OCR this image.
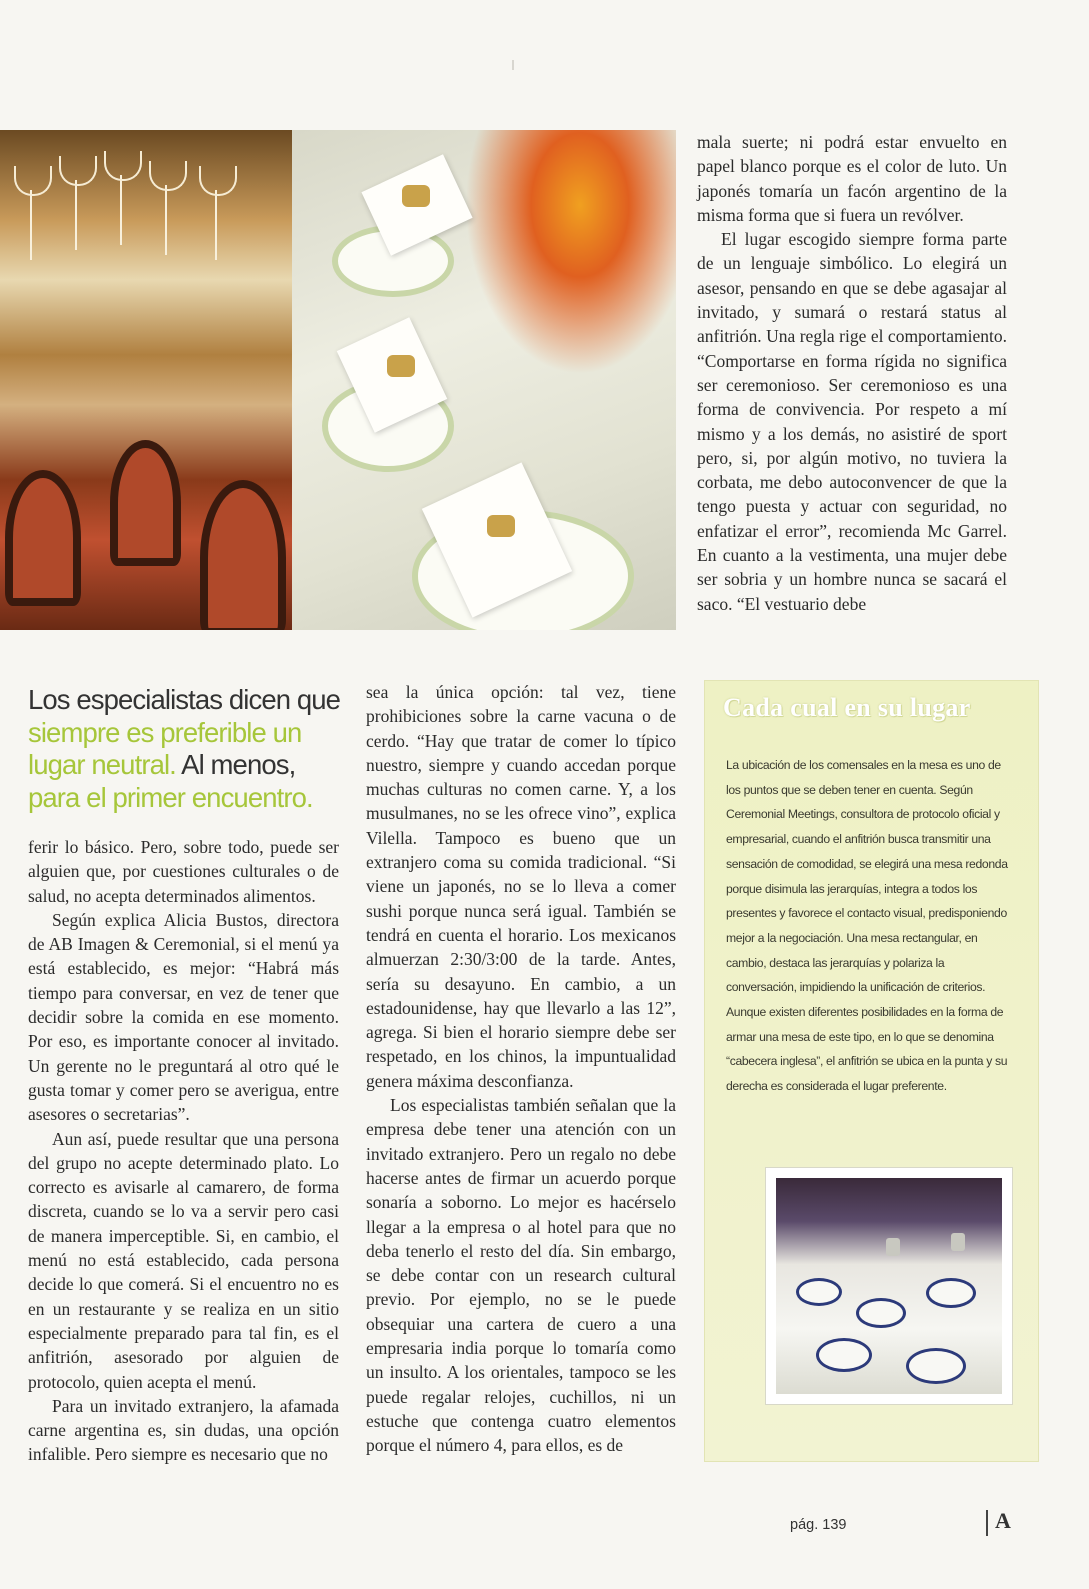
mala suerte; ni podrá estar envuelto en papel blanco porque es el color de luto. Un japonés tomaría un facón argentino de la misma forma que si fuera un revólver.

El lugar escogido siempre forma parte de un lenguaje simbólico. Lo elegirá un asesor, pensando en que se debe agasajar al invitado, y sumará o restará status al anfitrión. Una regla rige el comportamiento. “Comportarse en forma rígida no significa ser ceremonioso. Ser ceremonioso es una forma de convivencia. Por respeto a mí mismo y a los demás, no asistiré de sport pero, si, por algún motivo, no tuviera la corbata, me debo autoconvencer de que la tengo puesta y actuar con seguridad, no enfatizar el error”, recomienda Mc Garrel. En cuanto a la vestimenta, una mujer debe ser sobria y un hombre nunca se sacará el saco. “El vestuario debe

Los especialistas dicen que siempre es preferible un lugar neutral. Al menos, para el primer encuentro.

ferir lo básico. Pero, sobre todo, puede ser alguien que, por cuestiones culturales o de salud, no acepta determinados alimentos.

Según explica Alicia Bustos, directora de AB Imagen & Ceremonial, si el menú ya está establecido, es mejor: “Habrá más tiempo para conversar, en vez de tener que decidir sobre la comida en ese momento. Por eso, es importante conocer al invitado. Un gerente no le preguntará al otro qué le gusta tomar y comer pero se averigua, entre asesores o secretarias”.

Aun así, puede resultar que una persona del grupo no acepte determinado plato. Lo correcto es avisarle al camarero, de forma discreta, cuando se lo va a servir pero casi de manera imperceptible. Si, en cambio, el menú no está establecido, cada persona decide lo que comerá. Si el encuentro no es en un restaurante y se realiza en un sitio especialmente preparado para tal fin, es el anfitrión, asesorado por alguien de protocolo, quien acepta el menú.

Para un invitado extranjero, la afamada carne argentina es, sin dudas, una opción infalible. Pero siempre es necesario que no

sea la única opción: tal vez, tiene prohibiciones sobre la carne vacuna o de cerdo. “Hay que tratar de comer lo típico nuestro, siempre y cuando accedan porque muchas culturas no comen carne. Y, a los musulmanes, no se les ofrece vino”, explica Vilella. Tampoco es bueno que un extranjero coma su comida tradicional. “Si viene un japonés, no se lo lleva a comer sushi porque nunca será igual. También se tendrá en cuenta el horario. Los mexicanos almuerzan 2:30/3:00 de la tarde. Antes, sería su desayuno. En cambio, a un estadounidense, hay que llevarlo a las 12”, agrega. Si bien el horario siempre debe ser respetado, en los chinos, la impuntualidad genera máxima desconfianza.

Los especialistas también señalan que la empresa debe tener una atención con un invitado extranjero. Pero un regalo no debe hacerse antes de firmar un acuerdo porque sonaría a soborno. Lo mejor es hacérselo llegar a la empresa o al hotel para que no deba tenerlo el resto del día. Sin embargo, se debe contar con un research cultural previo. Por ejemplo, no se le puede obsequiar una cartera de cuero a una empresaria india porque lo tomaría como un insulto. A los orientales, tampoco se les puede regalar relojes, cuchillos, ni un estuche que contenga cuatro elementos porque el número 4, para ellos, es de

Cada cual en su lugar
La ubicación de los comensales en la mesa es uno de los puntos que se deben tener en cuenta. Según Ceremonial Meetings, consultora de protocolo oficial y empresarial, cuando el anfitrión busca transmitir una sensación de comodidad, se elegirá una mesa redonda porque disimula las jerarquías, integra a todos los presentes y favorece el contacto visual, predisponiendo mejor a la negociación. Una mesa rectangular, en cambio, destaca las jerarquías y polariza la conversación, impidiendo la unificación de criterios. Aunque existen diferentes posibilidades en la forma de armar una mesa de este tipo, en lo que se denomina “cabecera inglesa”, el anfitrión se ubica en la punta y su derecha es considerada el lugar preferente.
pág. 139	A
